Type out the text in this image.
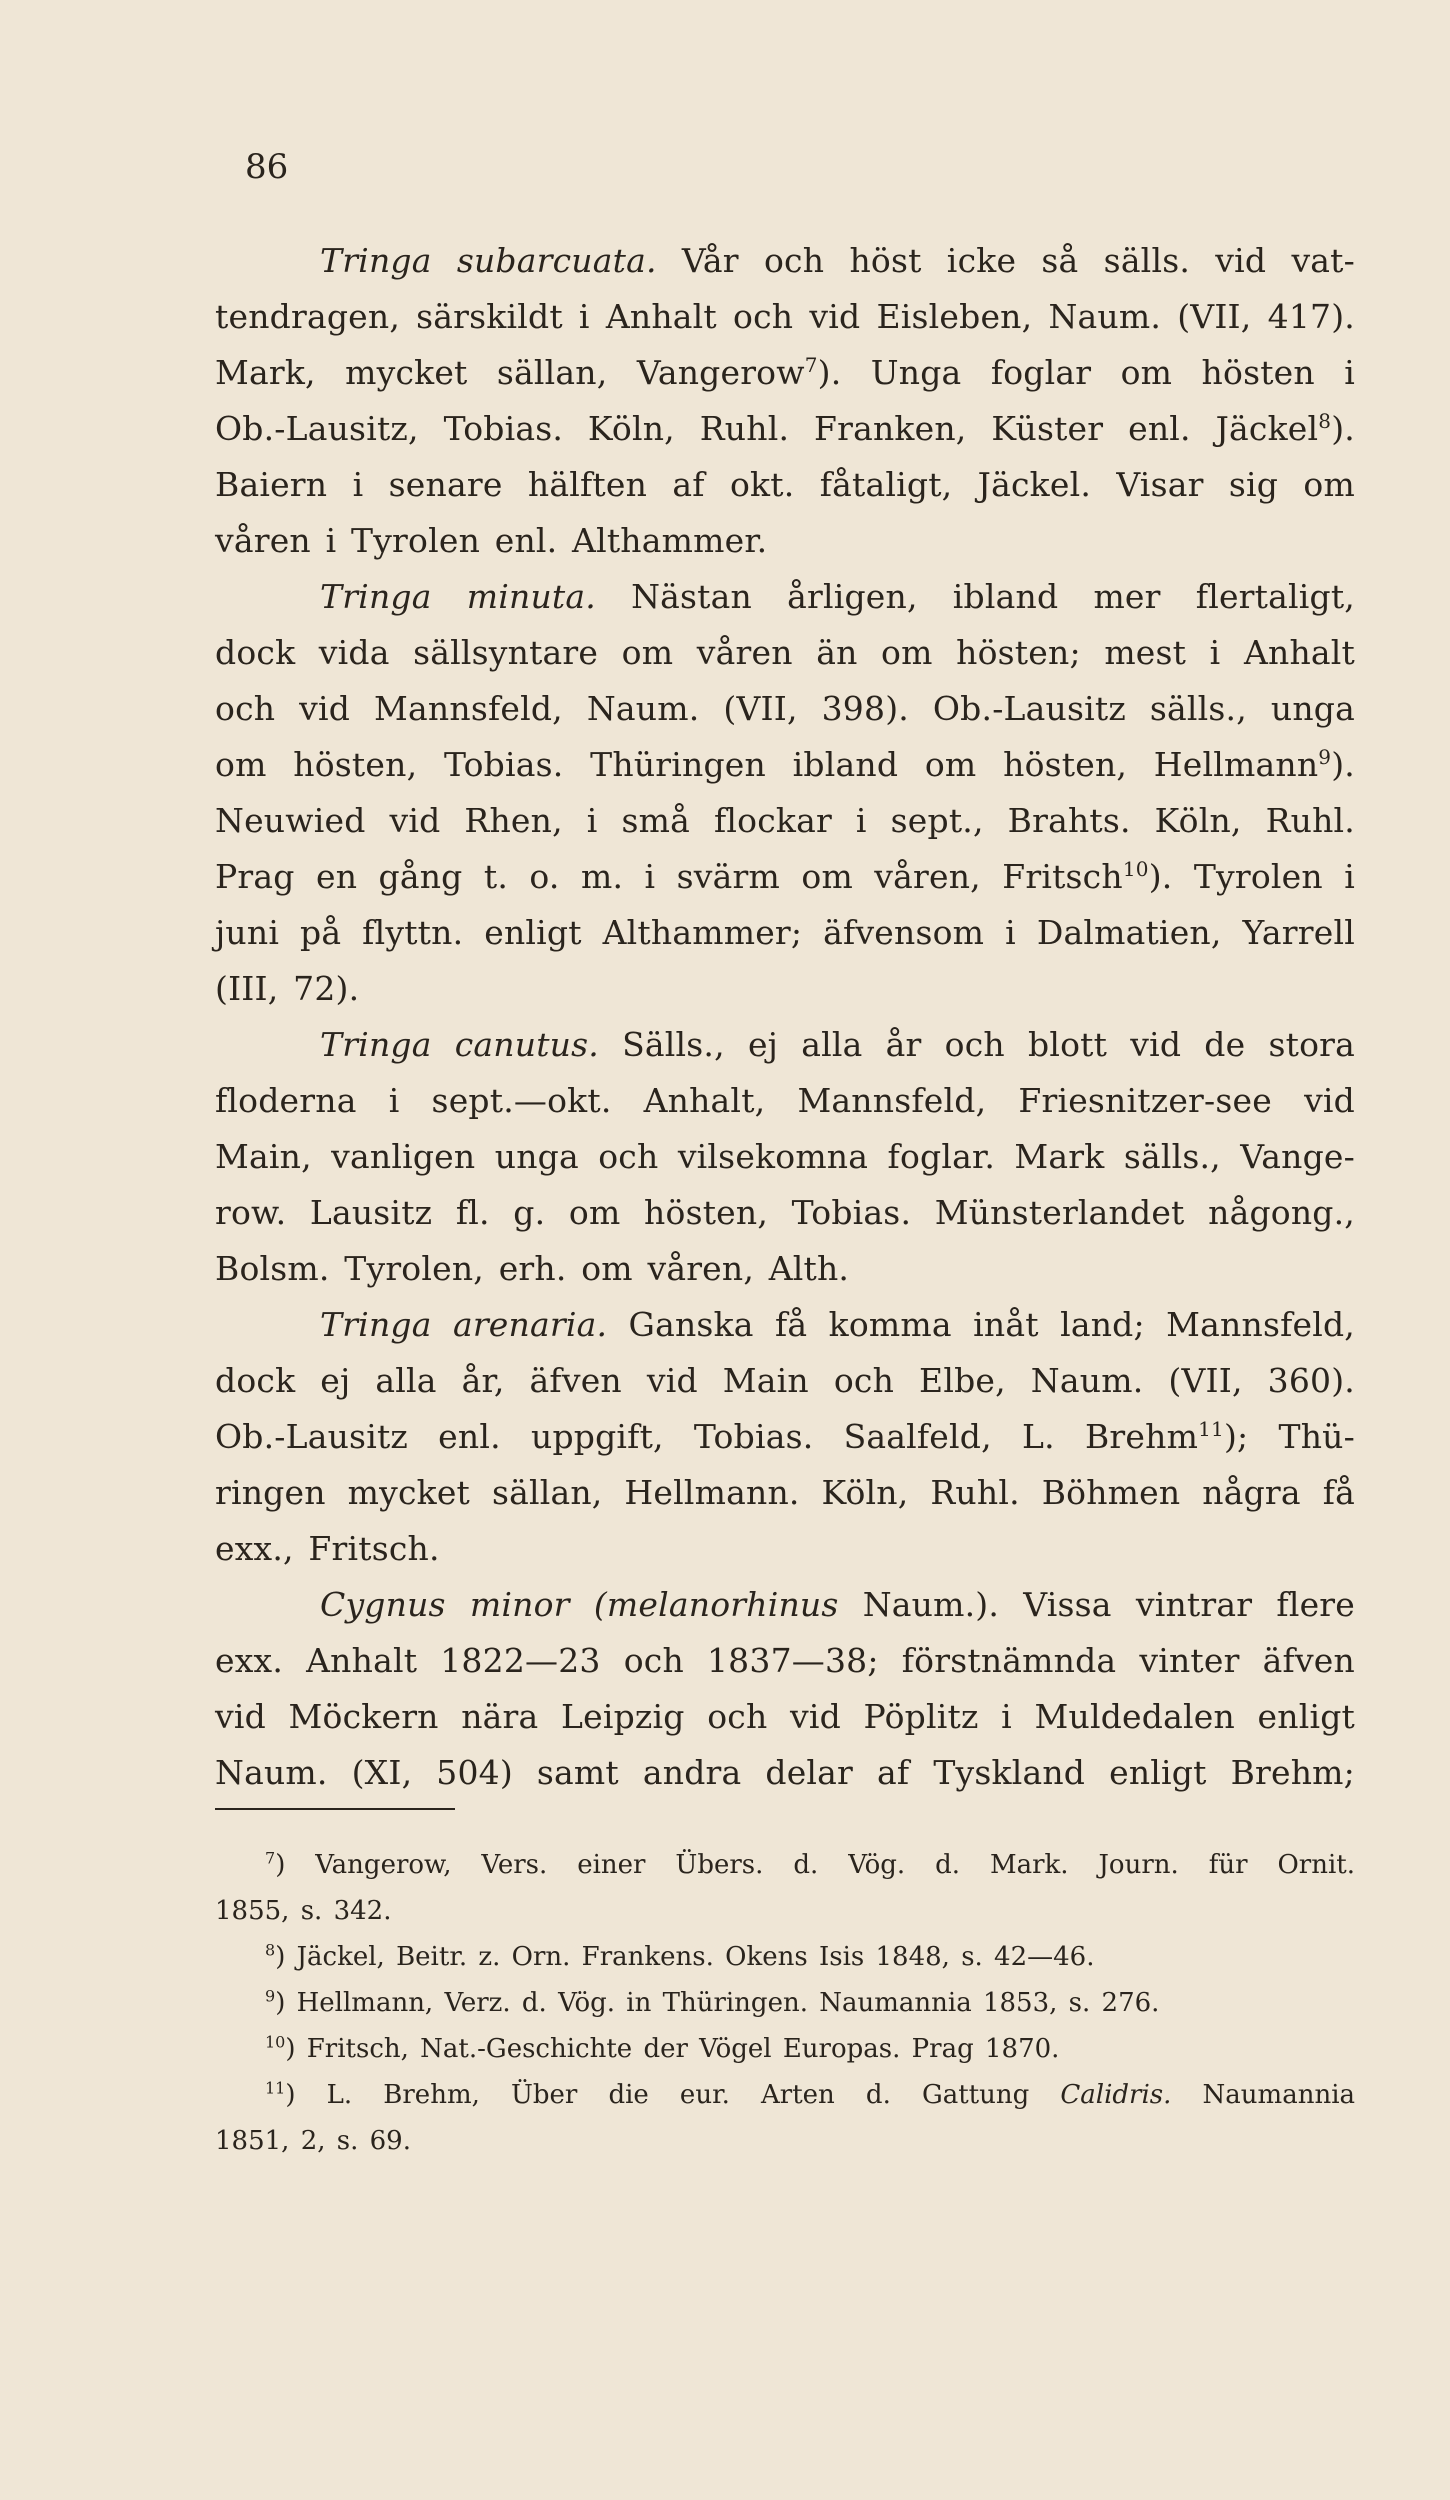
86
Tringa subarcuata. Vår och höst icke så sälls. vid vat-
tendragen, särskildt i Anhalt och vid Eisleben, Naum. (VII, 417).
Mark, mycket sällan, Vangerow$^7$). Unga foglar om hösten i
Ob.-Lausitz, Tobias. Köln, Ruhl. Franken, Küster enl. Jäckel$^8$).
Baiern i senare hälften af okt. fåtaligt, Jäckel. Visar sig om
våren i Tyrolen enl. Althammer.
Tringa minuta. Nästan årligen, ibland mer flertaligt,
dock vida sällsyntare om våren än om hösten; mest i Anhalt
och vid Mannsfeld, Naum. (VII, 398). Ob.-Lausitz sälls., unga
om hösten, Tobias. Thüringen ibland om hösten, Hellmann$^9$).
Neuwied vid Rhen, i små flockar i sept., Brahts. Köln, Ruhl.
Prag en gång t. o. m. i svärm om våren, Fritsch$^{10}$). Tyrolen i
juni på flyttn. enligt Althammer; äfvensom i Dalmatien, Yarrell
(III, 72).
Tringa canutus. Sälls., ej alla år och blott vid de stora
floderna i sept.—okt. Anhalt, Mannsfeld, Friesnitzer-see vid
Main, vanligen unga och vilsekomna foglar. Mark sälls., Vange-
row. Lausitz fl. g. om hösten, Tobias. Münsterlandet någong.,
Bolsm. Tyrolen, erh. om våren, Alth.
Tringa arenaria. Ganska få komma inåt land; Mannsfeld,
dock ej alla år, äfven vid Main och Elbe, Naum. (VII, 360).
Ob.-Lausitz enl. uppgift, Tobias. Saalfeld, L. Brehm$^{11}$); Thü-
ringen mycket sällan, Hellmann. Köln, Ruhl. Böhmen några få
exx., Fritsch.
Cygnus minor (melanorhinus Naum.). Vissa vintrar flere
exx. Anhalt 1822—23 och 1837—38; förstnämnda vinter äfven
vid Möckern nära Leipzig och vid Pöplitz i Muldedalen enligt
Naum. (XI, 504) samt andra delar af Tyskland enligt Brehm;
$^7$) Vangerow, Vers. einer Übers. d. Vög. d. Mark. Journ. für Ornit.
1855, s. 342.
$^8$) Jäckel, Beitr. z. Orn. Frankens. Okens Isis 1848, s. 42—46.
$^9$) Hellmann, Verz. d. Vög. in Thüringen. Naumannia 1853, s. 276.
$^{10}$) Fritsch, Nat.-Geschichte der Vögel Europas. Prag 1870.
$^{11}$) L. Brehm, Über die eur. Arten d. Gattung Calidris. Naumannia
1851, 2, s. 69.
